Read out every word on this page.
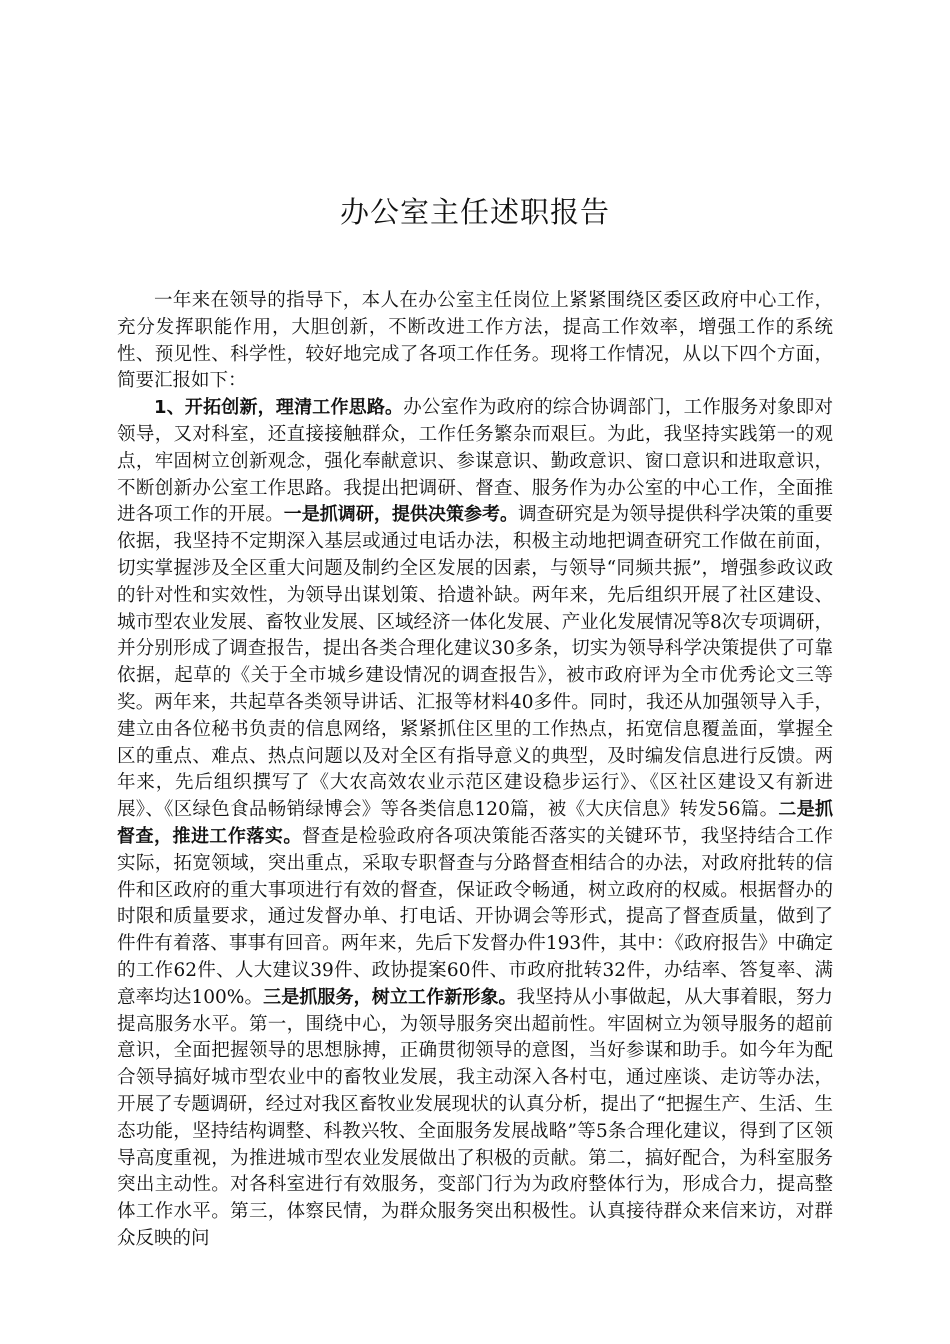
办公室主任述职报告

一年来在领导的指导下，本人在办公室主任岗位上紧紧围绕区委区政府中心工作，充分发挥职能作用，大胆创新，不断改进工作方法，提高工作效率，增强工作的系统性、预见性、科学性，较好地完成了各项工作任务。现将工作情况，从以下四个方面，简要汇报如下：

1、开拓创新，理清工作思路。办公室作为政府的综合协调部门，工作服务对象即对领导，又对科室，还直接接触群众，工作任务繁杂而艰巨。为此，我坚持实践第一的观点，牢固树立创新观念，强化奉献意识、参谋意识、勤政意识、窗口意识和进取意识，不断创新办公室工作思路。我提出把调研、督查、服务作为办公室的中心工作，全面推进各项工作的开展。一是抓调研，提供决策参考。调查研究是为领导提供科学决策的重要依据，我坚持不定期深入基层或通过电话办法，积极主动地把调查研究工作做在前面，切实掌握涉及全区重大问题及制约全区发展的因素，与领导“同频共振”，增强参政议政的针对性和实效性，为领导出谋划策、拾遗补缺。两年来，先后组织开展了社区建设、城市型农业发展、畜牧业发展、区域经济一体化发展、产业化发展情况等8次专项调研，并分别形成了调查报告，提出各类合理化建议30多条，切实为领导科学决策提供了可靠依据，起草的《关于全市城乡建设情况的调查报告》，被市政府评为全市优秀论文三等奖。两年来，共起草各类领导讲话、汇报等材料40多件。同时，我还从加强领导入手，建立由各位秘书负责的信息网络，紧紧抓住区里的工作热点，拓宽信息覆盖面，掌握全区的重点、难点、热点问题以及对全区有指导意义的典型，及时编发信息进行反馈。两年来，先后组织撰写了《大农高效农业示范区建设稳步运行》、《区社区建设又有新进展》、《区绿色食品畅销绿博会》等各类信息120篇，被《大庆信息》转发56篇。二是抓督查，推进工作落实。督查是检验政府各项决策能否落实的关键环节，我坚持结合工作实际，拓宽领域，突出重点，采取专职督查与分路督查相结合的办法，对政府批转的信件和区政府的重大事项进行有效的督查，保证政令畅通，树立政府的权威。根据督办的时限和质量要求，通过发督办单、打电话、开协调会等形式，提高了督查质量，做到了件件有着落、事事有回音。两年来，先后下发督办件193件，其中：《政府报告》中确定的工作62件、人大建议39件、政协提案60件、市政府批转32件，办结率、答复率、满意率均达100%。三是抓服务，树立工作新形象。我坚持从小事做起，从大事着眼，努力提高服务水平。第一，围绕中心，为领导服务突出超前性。牢固树立为领导服务的超前意识，全面把握领导的思想脉搏，正确贯彻领导的意图，当好参谋和助手。如今年为配合领导搞好城市型农业中的畜牧业发展，我主动深入各村屯，通过座谈、走访等办法，开展了专题调研，经过对我区畜牧业发展现状的认真分析，提出了“把握生产、生活、生态功能，坚持结构调整、科教兴牧、全面服务发展战略”等5条合理化建议，得到了区领导高度重视，为推进城市型农业发展做出了积极的贡献。第二，搞好配合，为科室服务突出主动性。对各科室进行有效服务，变部门行为为政府整体行为，形成合力，提高整体工作水平。第三，体察民情，为群众服务突出积极性。认真接待群众来信来访，对群众反映的问
